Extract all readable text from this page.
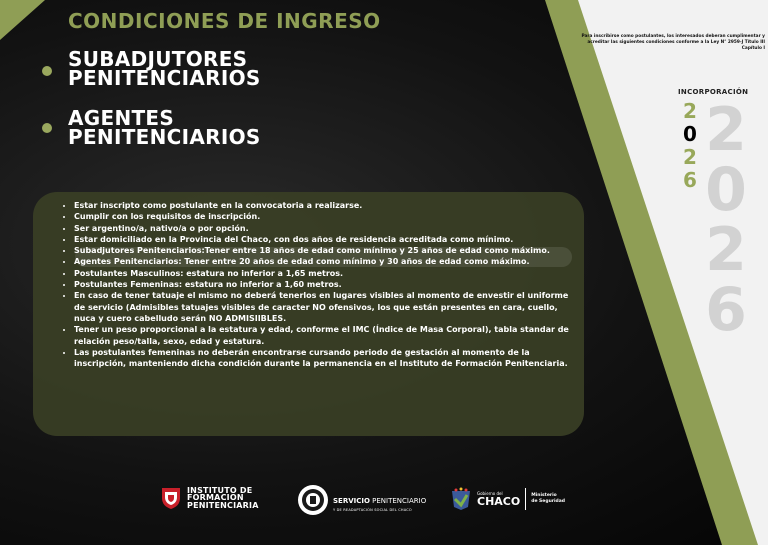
CONDICIONES DE INGRESO
SUBADJUTORES
PENITENCIARIOS
AGENTES
PENITENCIARIOS
Para inscribirse como postulantes, los interesados deberan cumplimentar y acreditar las siguientes condiciones conforme a la Ley N° 2959-J Título III Capítulo I
INCORPORACIÓN
2
0
2
6
2
0
2
6
• Estar inscripto como postulante en la convocatoria a realizarse.
• Cumplir con los requisitos de inscripción.
• Ser argentino/a, nativo/a o por opción.
• Estar domiciliado en la Provincia del Chaco, con dos años de residencia acreditada como mínimo.
• Subadjutores Penitenciarios:Tener entre 18 años de edad como mínimo y 25 años de edad como máximo.
• Agentes Penitenciarios: Tener entre 20 años de edad como mínimo y 30 años de edad como máximo.
• Postulantes Masculinos: estatura no inferior a 1,65 metros.
• Postulantes Femeninas: estatura no inferior a 1,60 metros.
• En caso de tener tatuaje el mismo no deberá tenerlos en lugares visibles al momento de envestir el uniforme de servicio (Admisibles tatuajes visibles de caracter NO ofensivos, los que están presentes en cara, cuello, nuca y cuero cabelludo serán NO ADMISIIBLES.
• Tener un peso proporcional a la estatura y edad, conforme el IMC (Índice de Masa Corporal), tabla standar de relación peso/talla, sexo, edad y estatura.
• Las postulantes femeninas no deberán encontrarse cursando periodo de gestación al momento de la inscripción, manteniendo dicha condición durante la permanencia en el Instituto de Formación Penitenciaria.
INSTITUTO DE
FORMACION
PENITENCIARIA	SERVICIO PENITENCIARIO
Y DE READAPTACIÓN SOCIAL DEL CHACO
Gobierno del
CHACO Ministerio
de Seguridad
